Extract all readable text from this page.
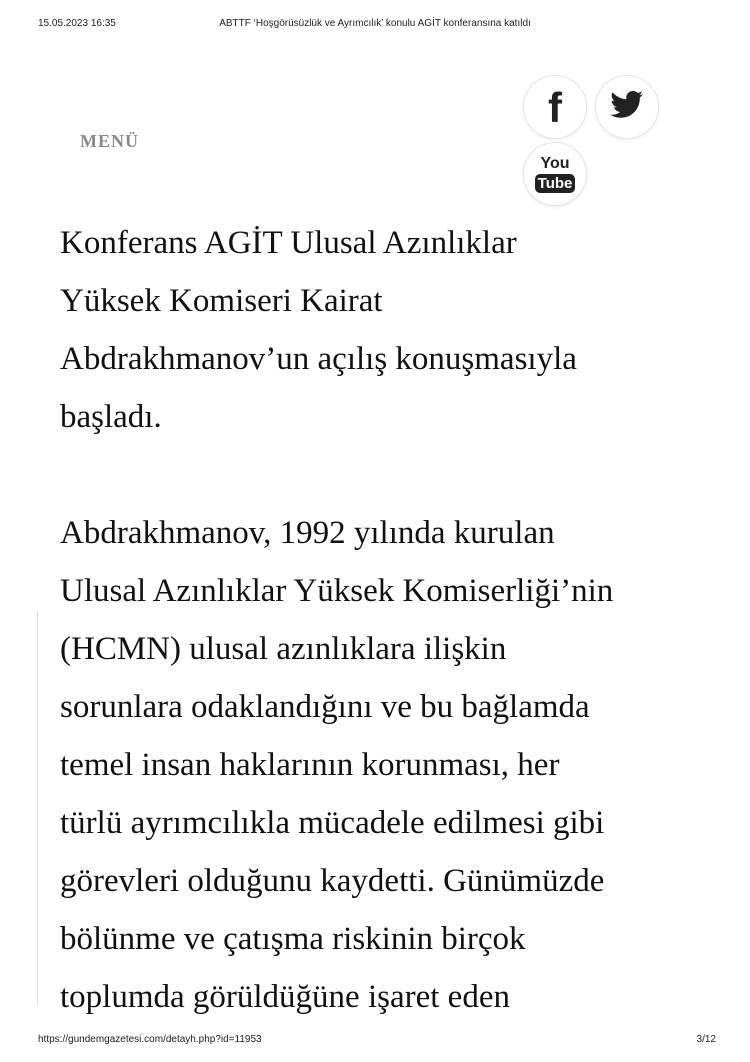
15.05.2023 16:35	ABTTF ‘Hoşgörüsüzlük ve Ayrımcılık’ konulu AGİT konferansına katıldı
MENÜ
f
You
Tube

Konferans AGİT Ulusal Azınlıklar
Yüksek Komiseri Kairat
Abdrakhmanov’un açılış konuşmasıyla
başladı.

Abdrakhmanov, 1992 yılında kurulan
Ulusal Azınlıklar Yüksek Komiserliği’nin
(HCMN) ulusal azınlıklara ilişkin
sorunlara odaklandığını ve bu bağlamda
temel insan haklarının korunması, her
türlü ayrımcılıkla mücadele edilmesi gibi
görevleri olduğunu kaydetti. Günümüzde
bölünme ve çatışma riskinin birçok
toplumda görüldüğüne işaret eden

https://gundemgazetesi.com/detayh.php?id=11953	3/12
